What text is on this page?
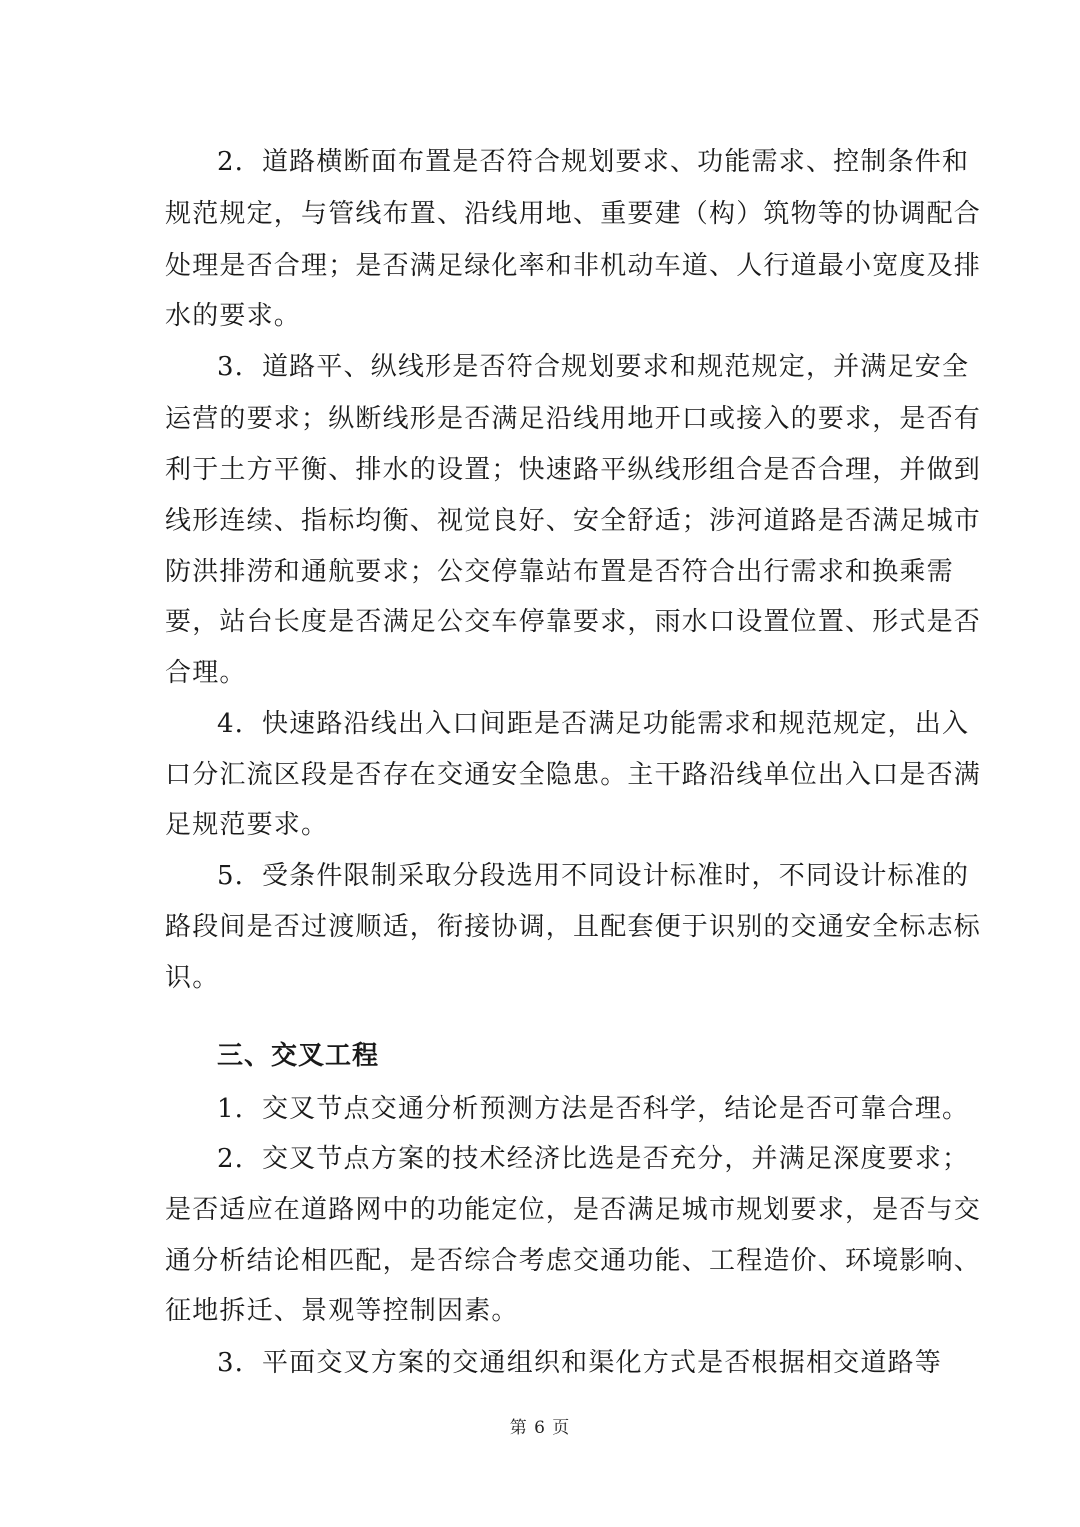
2．道路横断面布置是否符合规划要求、功能需求、控制条件和
规范规定，与管线布置、沿线用地、重要建（构）筑物等的协调配合
处理是否合理；是否满足绿化率和非机动车道、人行道最小宽度及排
水的要求。
3．道路平、纵线形是否符合规划要求和规范规定，并满足安全
运营的要求；纵断线形是否满足沿线用地开口或接入的要求，是否有
利于土方平衡、排水的设置；快速路平纵线形组合是否合理，并做到
线形连续、指标均衡、视觉良好、安全舒适；涉河道路是否满足城市
防洪排涝和通航要求；公交停靠站布置是否符合出行需求和换乘需
要，站台长度是否满足公交车停靠要求，雨水口设置位置、形式是否
合理。
4．快速路沿线出入口间距是否满足功能需求和规范规定，出入
口分汇流区段是否存在交通安全隐患。主干路沿线单位出入口是否满
足规范要求。
5．受条件限制采取分段选用不同设计标准时，不同设计标准的
路段间是否过渡顺适，衔接协调，且配套便于识别的交通安全标志标
识。
三、交叉工程
1．交叉节点交通分析预测方法是否科学，结论是否可靠合理。
2．交叉节点方案的技术经济比选是否充分，并满足深度要求；
是否适应在道路网中的功能定位，是否满足城市规划要求，是否与交
通分析结论相匹配，是否综合考虑交通功能、工程造价、环境影响、
征地拆迁、景观等控制因素。
3．平面交叉方案的交通组织和渠化方式是否根据相交道路等
第 6 页
